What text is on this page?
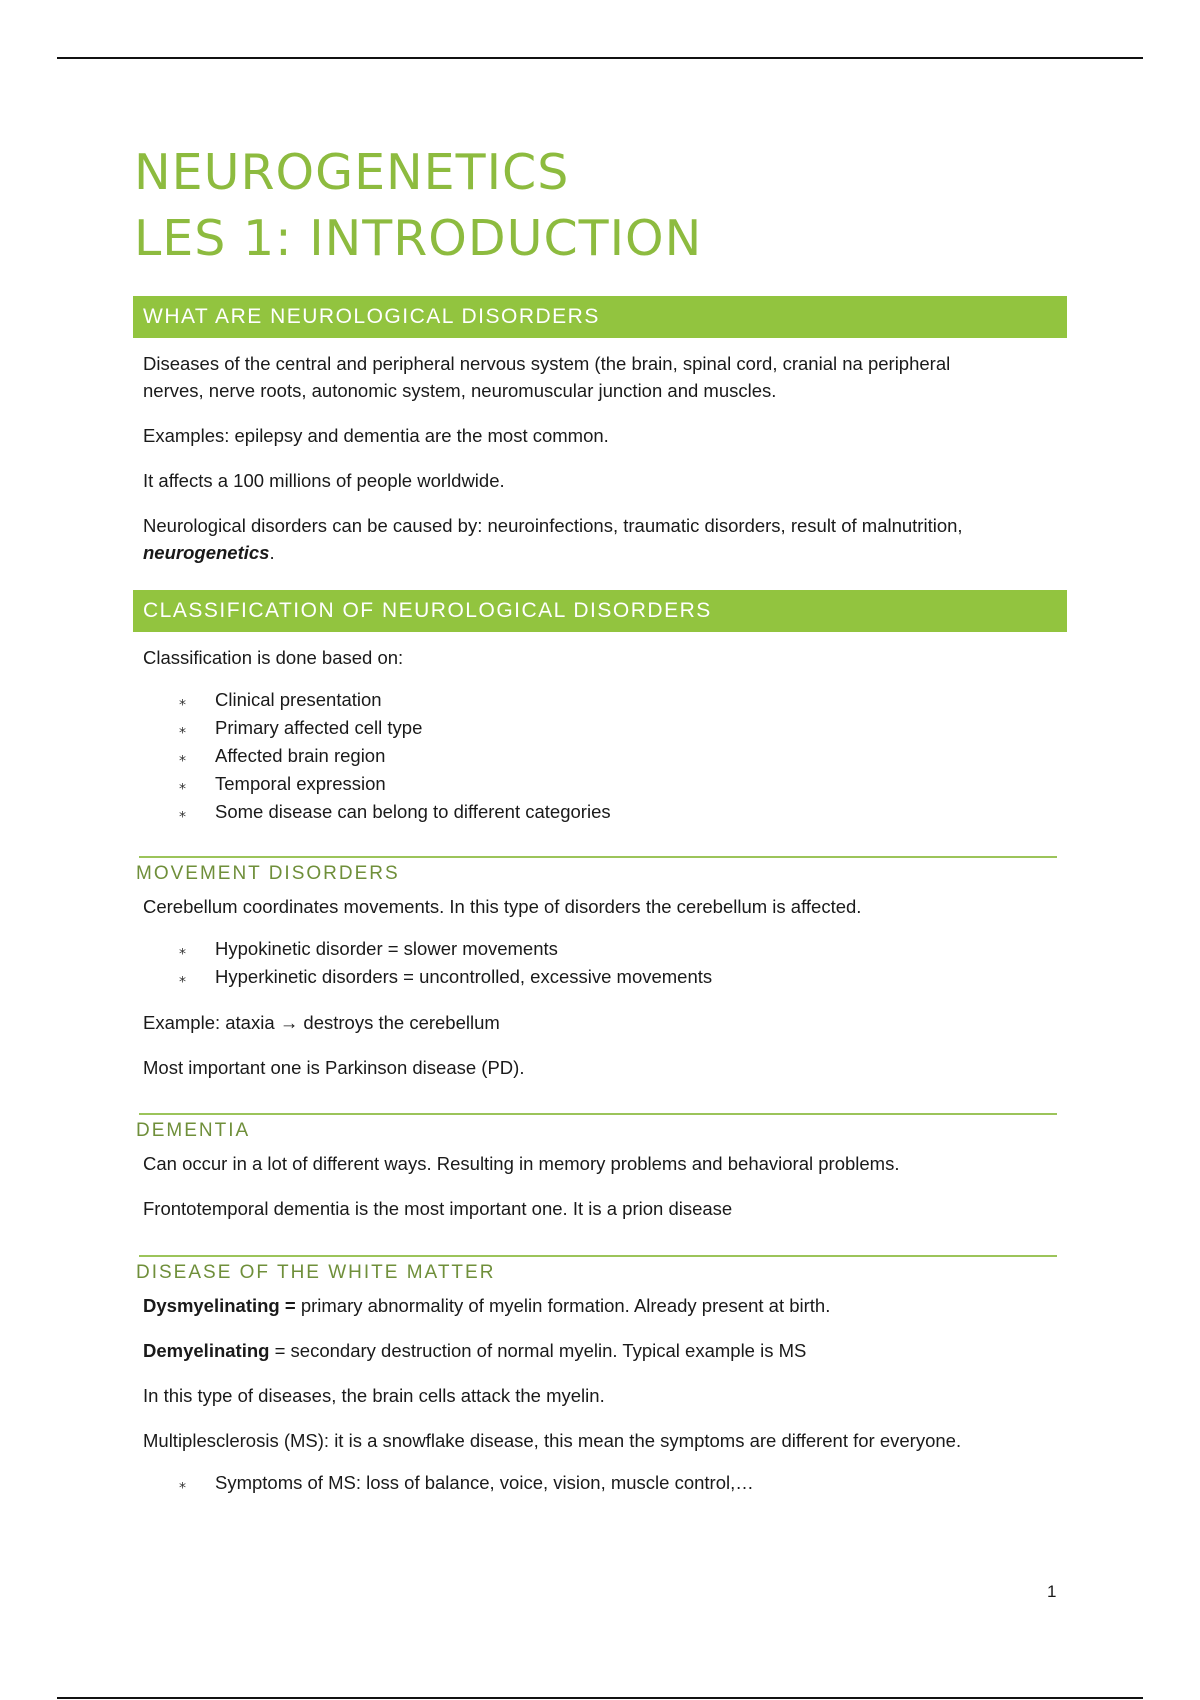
NEUROGENETICS
LES 1: INTRODUCTION
WHAT ARE NEUROLOGICAL DISORDERS
Diseases of the central and peripheral nervous system (the brain, spinal cord, cranial na peripheral
nerves, nerve roots, autonomic system, neuromuscular junction and muscles.

Examples: epilepsy and dementia are the most common.

It affects a 100 millions of people worldwide.

Neurological disorders can be caused by: neuroinfections, traumatic disorders, result of malnutrition,
neurogenetics.
CLASSIFICATION OF NEUROLOGICAL DISORDERS

Classification is done based on:

⁎ Clinical presentation
⁎ Primary affected cell type
⁎ Affected brain region
⁎ Temporal expression
⁎ Some disease can belong to different categories
MOVEMENT DISORDERS

Cerebellum coordinates movements. In this type of disorders the cerebellum is affected.

⁎ Hypokinetic disorder = slower movements
⁎ Hyperkinetic disorders = uncontrolled, excessive movements

Example: ataxia → destroys the cerebellum

Most important one is Parkinson disease (PD).

DEMENTIA

Can occur in a lot of different ways. Resulting in memory problems and behavioral problems.

Frontotemporal dementia is the most important one. It is a prion disease

DISEASE OF THE WHITE MATTER

Dysmyelinating = primary abnormality of myelin formation. Already present at birth.

Demyelinating = secondary destruction of normal myelin. Typical example is MS

In this type of diseases, the brain cells attack the myelin.

Multiplesclerosis (MS): it is a snowflake disease, this mean the symptoms are different for everyone.

⁎ Symptoms of MS: loss of balance, voice, vision, muscle control,…
1
